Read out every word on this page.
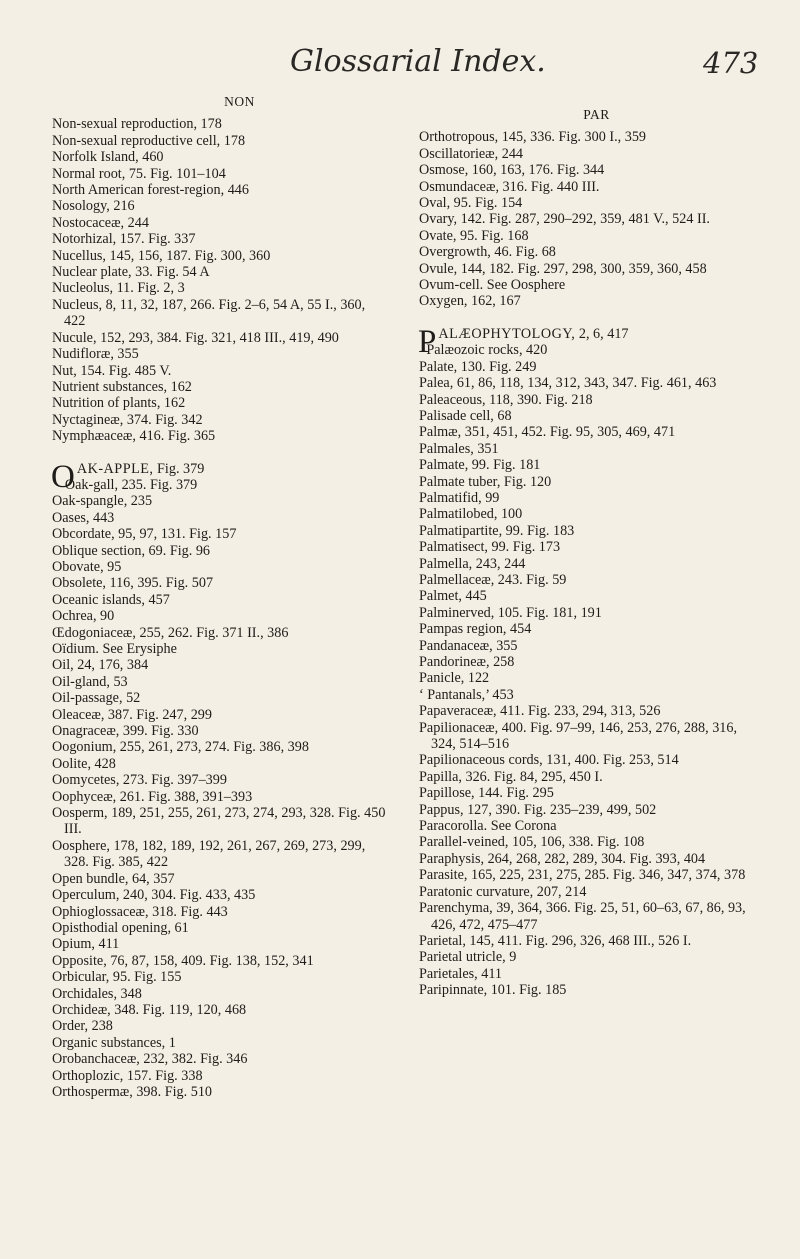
Glossarial Index.	473
NON
Non-sexual reproduction, 178
Non-sexual reproductive cell, 178
Norfolk Island, 460
Normal root, 75. Fig. 101–104
North American forest-region, 446
Nosology, 216
Nostocaceæ, 244
Notorhizal, 157. Fig. 337
Nucellus, 145, 156, 187. Fig. 300, 360
Nuclear plate, 33. Fig. 54 A
Nucleolus, 11. Fig. 2, 3
Nucleus, 8, 11, 32, 187, 266. Fig. 2–6, 54 A, 55 I., 360, 422
Nucule, 152, 293, 384. Fig. 321, 418 III., 419, 490
Nudifloræ, 355
Nut, 154. Fig. 485 V.
Nutrient substances, 162
Nutrition of plants, 162
Nyctagineæ, 374. Fig. 342
Nymphæaceæ, 416. Fig. 365
OAK-APPLE, Fig. 379
Oak-gall, 235. Fig. 379
Oak-spangle, 235
Oases, 443
Obcordate, 95, 97, 131. Fig. 157
Oblique section, 69. Fig. 96
Obovate, 95
Obsolete, 116, 395. Fig. 507
Oceanic islands, 457
Ochrea, 90
Œdogoniaceæ, 255, 262. Fig. 371 II., 386
Oïdium. See Erysiphe
Oil, 24, 176, 384
Oil-gland, 53
Oil-passage, 52
Oleaceæ, 387. Fig. 247, 299
Onagraceæ, 399. Fig. 330
Oogonium, 255, 261, 273, 274. Fig. 386, 398
Oolite, 428
Oomycetes, 273. Fig. 397–399
Oophyceæ, 261. Fig. 388, 391–393
Oosperm, 189, 251, 255, 261, 273, 274, 293, 328. Fig. 450 III.
Oosphere, 178, 182, 189, 192, 261, 267, 269, 273, 299, 328. Fig. 385, 422
Open bundle, 64, 357
Operculum, 240, 304. Fig. 433, 435
Ophioglossaceæ, 318. Fig. 443
Opisthodial opening, 61
Opium, 411
Opposite, 76, 87, 158, 409. Fig. 138, 152, 341
Orbicular, 95. Fig. 155
Orchidales, 348
Orchideæ, 348. Fig. 119, 120, 468
Order, 238
Organic substances, 1
Orobanchaceæ, 232, 382. Fig. 346
Orthoplozic, 157. Fig. 338
Orthospermæ, 398. Fig. 510
PAR
Orthotropous, 145, 336. Fig. 300 I., 359
Oscillatorieæ, 244
Osmose, 160, 163, 176. Fig. 344
Osmundaceæ, 316. Fig. 440 III.
Oval, 95. Fig. 154
Ovary, 142. Fig. 287, 290–292, 359, 481 V., 524 II.
Ovate, 95. Fig. 168
Overgrowth, 46. Fig. 68
Ovule, 144, 182. Fig. 297, 298, 300, 359, 360, 458
Ovum-cell. See Oosphere
Oxygen, 162, 167
PALÆOPHYTOLOGY, 2, 6, 417
Palæozoic rocks, 420
Palate, 130. Fig. 249
Palea, 61, 86, 118, 134, 312, 343, 347. Fig. 461, 463
Paleaceous, 118, 390. Fig. 218
Palisade cell, 68
Palmæ, 351, 451, 452. Fig. 95, 305, 469, 471
Palmales, 351
Palmate, 99. Fig. 181
Palmate tuber, Fig. 120
Palmatifid, 99
Palmatilobed, 100
Palmatipartite, 99. Fig. 183
Palmatisect, 99. Fig. 173
Palmella, 243, 244
Palmellaceæ, 243. Fig. 59
Palmet, 445
Palminerved, 105. Fig. 181, 191
Pampas region, 454
Pandanaceæ, 355
Pandorineæ, 258
Panicle, 122
‘ Pantanals,’ 453
Papaveraceæ, 411. Fig. 233, 294, 313, 526
Papilionaceæ, 400. Fig. 97–99, 146, 253, 276, 288, 316, 324, 514–516
Papilionaceous cords, 131, 400. Fig. 253, 514
Papilla, 326. Fig. 84, 295, 450 I.
Papillose, 144. Fig. 295
Pappus, 127, 390. Fig. 235–239, 499, 502
Paracorolla. See Corona
Parallel-veined, 105, 106, 338. Fig. 108
Paraphysis, 264, 268, 282, 289, 304. Fig. 393, 404
Parasite, 165, 225, 231, 275, 285. Fig. 346, 347, 374, 378
Paratonic curvature, 207, 214
Parenchyma, 39, 364, 366. Fig. 25, 51, 60–63, 67, 86, 93, 426, 472, 475–477
Parietal, 145, 411. Fig. 296, 326, 468 III., 526 I.
Parietal utricle, 9
Parietales, 411
Paripinnate, 101. Fig. 185
